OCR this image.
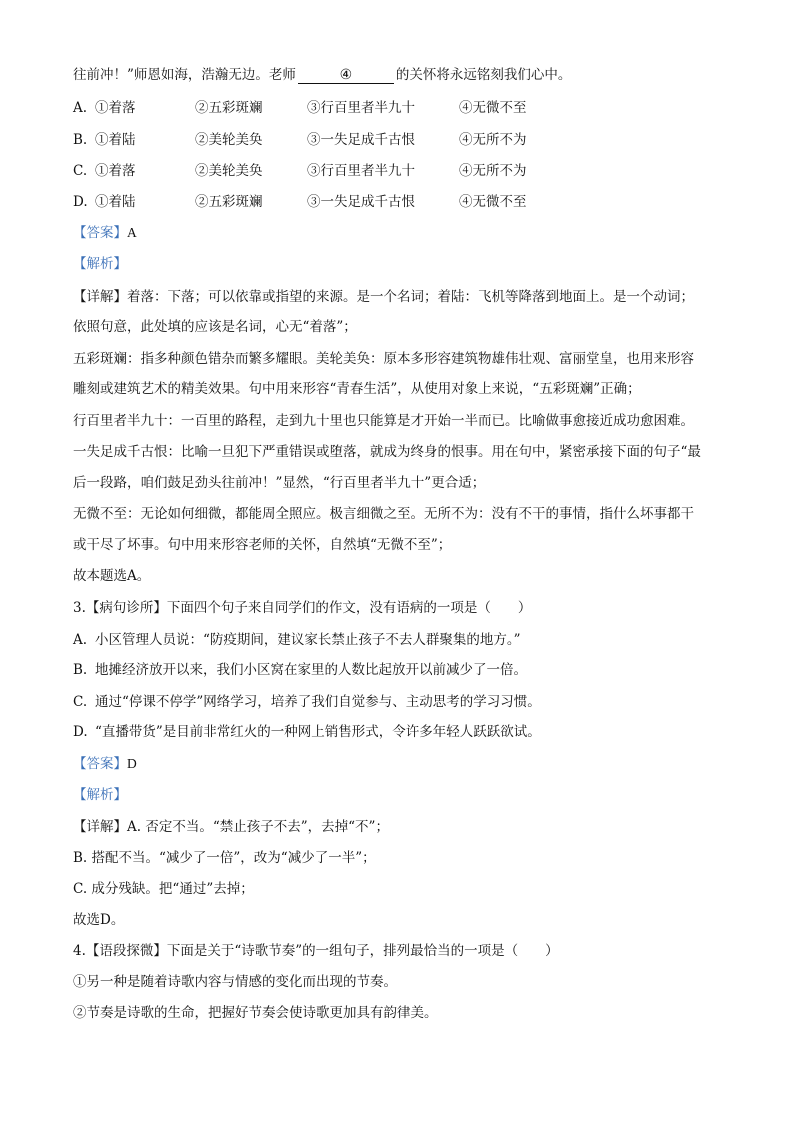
往前冲！”师恩如海，浩瀚无边。老师	④	的关怀将永远铭刻我们心中。
A. ①着落	②五彩斑斓	③行百里者半九十	④无微不至
B. ①着陆	②美轮美奂	③一失足成千古恨	④无所不为
C. ①着落	②美轮美奂	③行百里者半九十	④无所不为
D. ①着陆	②五彩斑斓	③一失足成千古恨	④无微不至
【答案】A
【解析】
【详解】着落：下落；可以依靠或指望的来源。是一个名词；着陆：飞机等降落到地面上。是一个动词；
依照句意，此处填的应该是名词，心无“着落”；
五彩斑斓：指多种颜色错杂而繁多耀眼。美轮美奂：原本多形容建筑物雄伟壮观、富丽堂皇，也用来形容
雕刻或建筑艺术的精美效果。句中用来形容“青春生活”，从使用对象上来说，“五彩斑斓”正确；
行百里者半九十：一百里的路程，走到九十里也只能算是才开始一半而已。比喻做事愈接近成功愈困难。
一失足成千古恨：比喻一旦犯下严重错误或堕落，就成为终身的恨事。用在句中，紧密承接下面的句子“最
后一段路，咱们鼓足劲头往前冲！”显然，“行百里者半九十”更合适；
无微不至：无论如何细微，都能周全照应。极言细微之至。无所不为：没有不干的事情，指什么坏事都干
或干尽了坏事。句中用来形容老师的关怀，自然填“无微不至”；
故本题选A。
3.【病句诊所】下面四个句子来自同学们的作文，没有语病的一项是（　　）
A. 小区管理人员说：“防疫期间，建议家长禁止孩子不去人群聚集的地方。”
B. 地摊经济放开以来，我们小区窝在家里的人数比起放开以前减少了一倍。
C. 通过“停课不停学”网络学习，培养了我们自觉参与、主动思考的学习习惯。
D. “直播带货”是目前非常红火的一种网上销售形式，令许多年轻人跃跃欲试。
【答案】D
【解析】
【详解】A. 否定不当。“禁止孩子不去”，去掉“不”；
B. 搭配不当。“减少了一倍”，改为“减少了一半”；
C. 成分残缺。把“通过”去掉；
故选D。
4.【语段探微】下面是关于“诗歌节奏”的一组句子，排列最恰当的一项是（　　）
①另一种是随着诗歌内容与情感的变化而出现的节奏。
②节奏是诗歌的生命，把握好节奏会使诗歌更加具有韵律美。
